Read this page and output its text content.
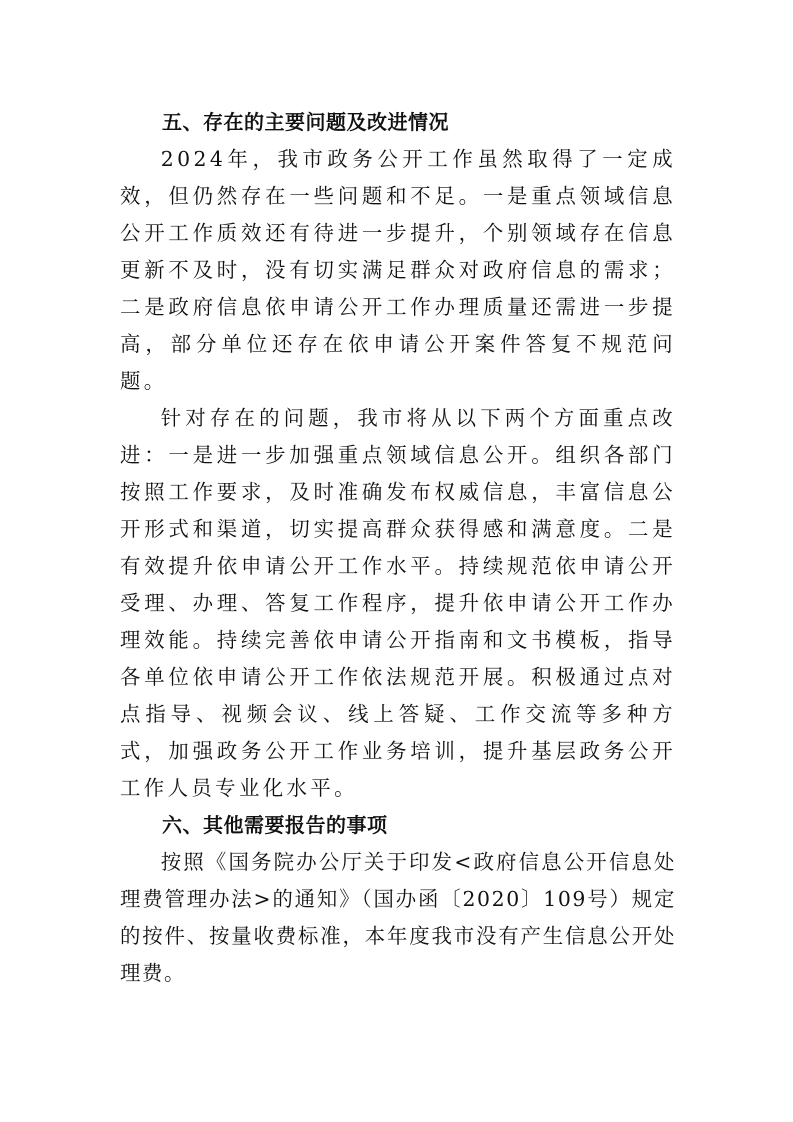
五、存在的主要问题及改进情况

2024年，我市政务公开工作虽然取得了一定成效，但仍然存在一些问题和不足。一是重点领域信息公开工作质效还有待进一步提升，个别领域存在信息更新不及时，没有切实满足群众对政府信息的需求；二是政府信息依申请公开工作办理质量还需进一步提高，部分单位还存在依申请公开案件答复不规范问题。

针对存在的问题，我市将从以下两个方面重点改进：一是进一步加强重点领域信息公开。组织各部门按照工作要求，及时准确发布权威信息，丰富信息公开形式和渠道，切实提高群众获得感和满意度。二是有效提升依申请公开工作水平。持续规范依申请公开受理、办理、答复工作程序，提升依申请公开工作办理效能。持续完善依申请公开指南和文书模板，指导各单位依申请公开工作依法规范开展。积极通过点对点指导、视频会议、线上答疑、工作交流等多种方式，加强政务公开工作业务培训，提升基层政务公开工作人员专业化水平。

六、其他需要报告的事项

按照《国务院办公厅关于印发<政府信息公开信息处理费管理办法>的通知》（国办函〔2020〕109号）规定的按件、按量收费标准，本年度我市没有产生信息公开处理费。
